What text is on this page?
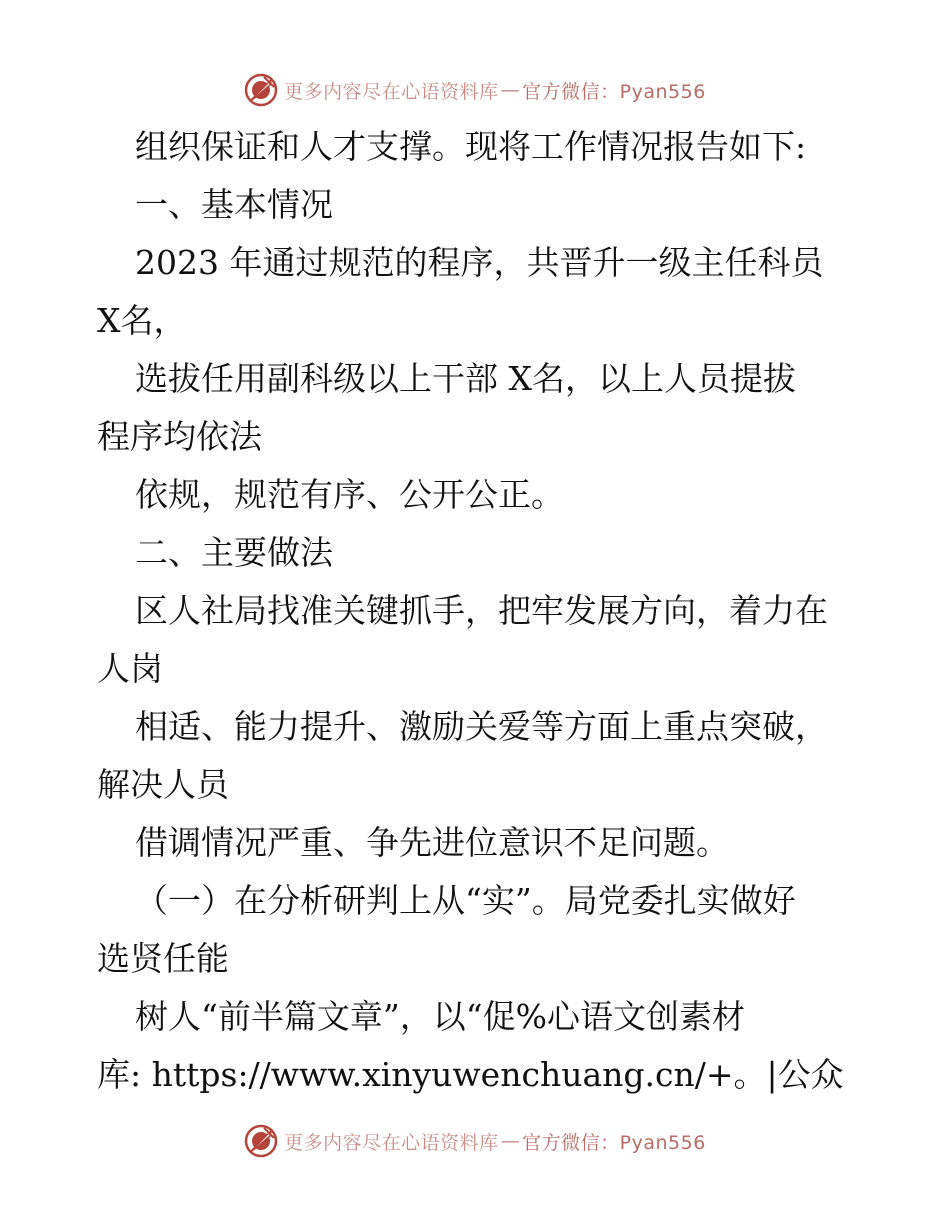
更多内容尽在心语资料库 — 官方微信：Pyan556

组织保证和人才支撑。现将工作情况报告如下:

一、基本情况

2023 年通过规范的程序，共晋升一级主任科员

X名，

选拔任用副科级以上干部 X名，以上人员提拔

程序均依法

依规，规范有序、公开公正。

二、主要做法

区人社局找准关键抓手，把牢发展方向，着力在

人岗

相适、能力提升、激励关爱等方面上重点突破，

解决人员

借调情况严重、争先进位意识不足问题。

（一）在分析研判上从“实”。局党委扎实做好

选贤任能

树人“前半篇文章”，以“促%心语文创素材

库: https://www.xinyuwenchuang.cn/+。|公众

更多内容尽在心语资料库 — 官方微信：Pyan556
